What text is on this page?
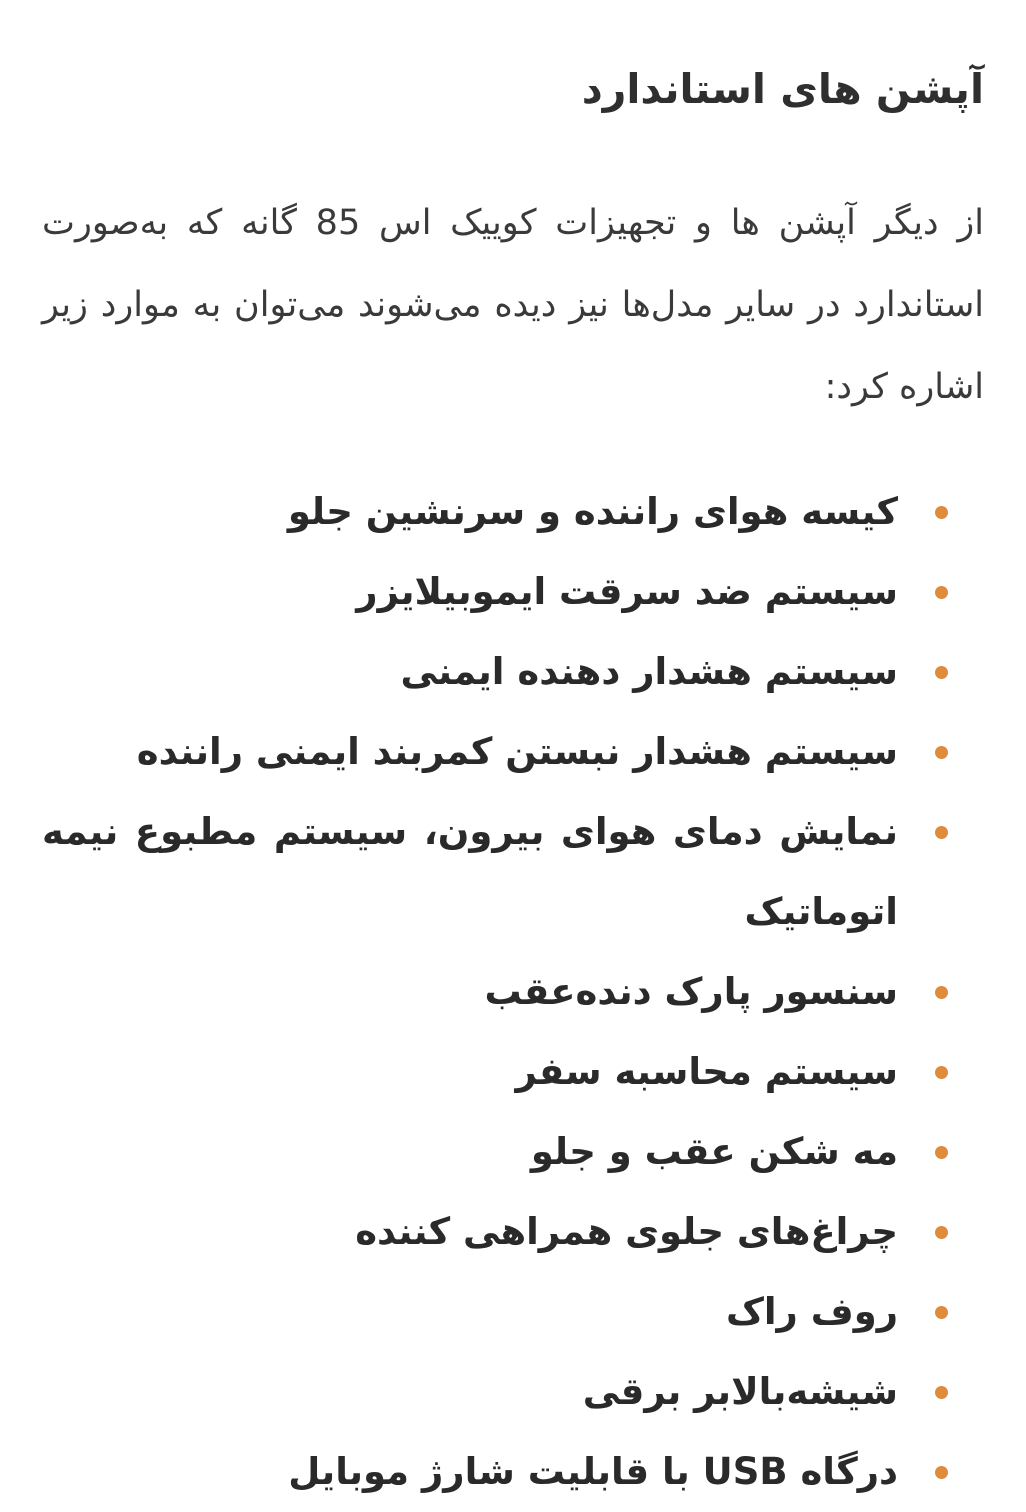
آپشن های استاندارد

از دیگر آپشن ها و تجهیزات کوییک اس 85 گانه که به‌صورت استاندارد در سایر مدل‌ها نیز دیده می‌شوند می‌توان به موارد زیر اشاره کرد:

کیسه هوای راننده و سرنشین جلو
سیستم ضد سرقت ایموبیلایزر
سیستم هشدار دهنده ایمنی
سیستم هشدار نبستن کمربند ایمنی راننده
نمایش دمای هوای بیرون، سیستم مطبوع نیمه اتوماتیک
سنسور پارک دنده‌عقب
سیستم محاسبه سفر
مه شکن عقب و جلو
چراغ‌های جلوی همراهی کننده
روف راک
شیشه‌بالابر برقی
درگاه USB با قابلیت شارژ موبایل
